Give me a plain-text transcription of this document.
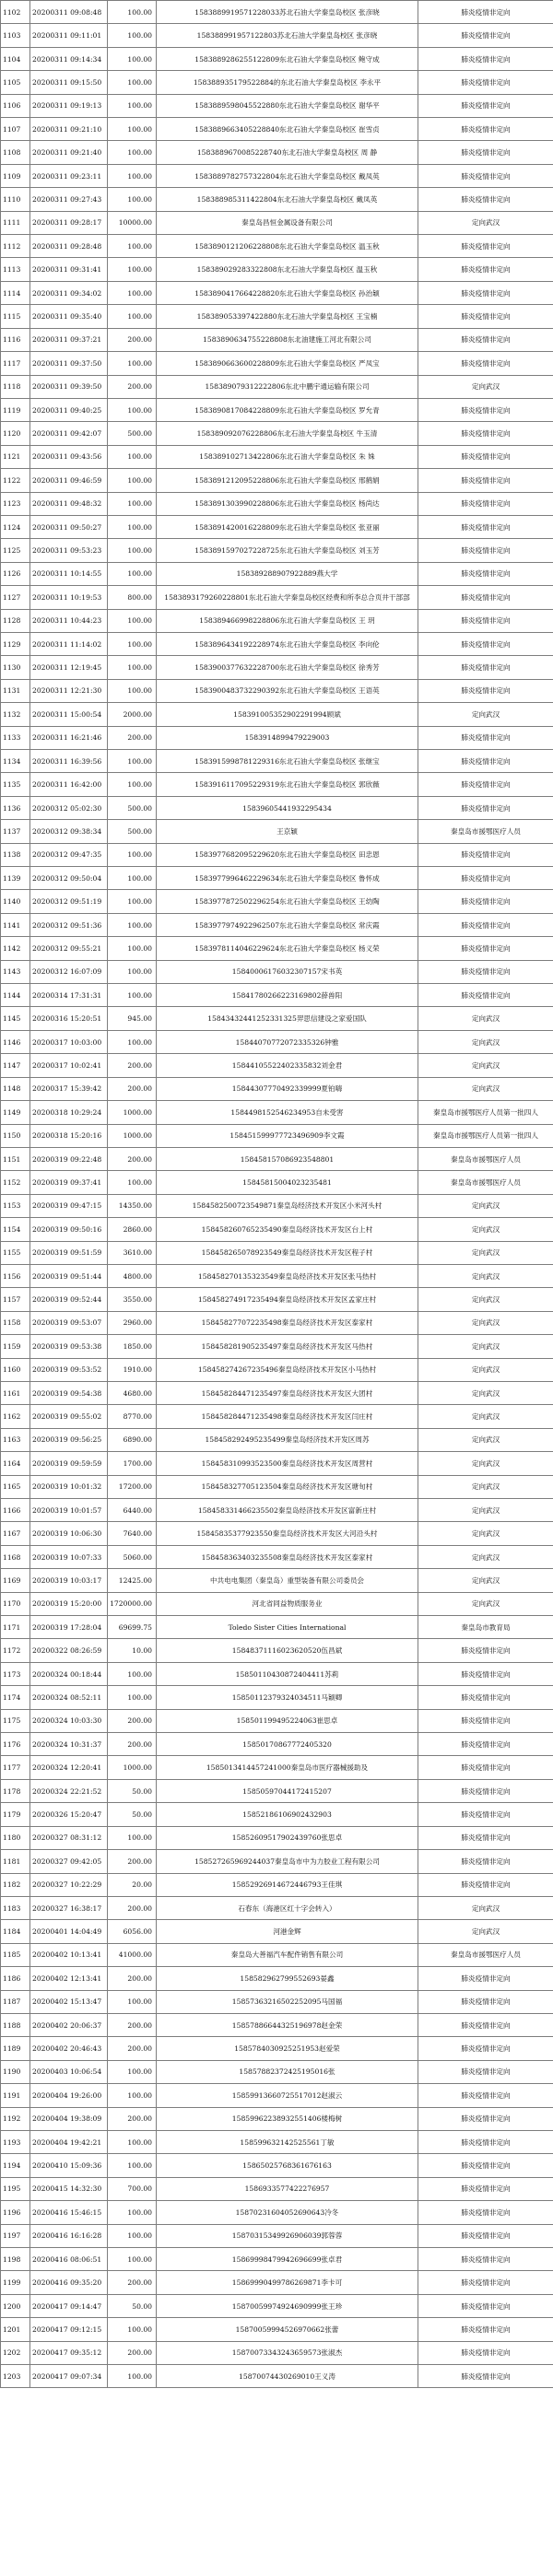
1102	20200311 09:08:48	100.00	1583889919571228033苏北石油大学秦皇岛校区 张彦晓	肺炎疫情非定向
1103	20200311 09:11:01	100.00	158388991957122803苏北石油大学秦皇岛校区 张彦晓	肺炎疫情非定向
1104	20200311 09:14:34	100.00	1583889286255122809东北石油大学秦皇岛校区 鲍守成	肺炎疫情非定向
1105	20200311 09:15:50	100.00	158388935179522884的东北石油大学秦皇岛校区 李永平	肺炎疫情非定向
1106	20200311 09:19:13	100.00	1583889598045522880东北石油大学秦皇岛校区 谢华平	肺炎疫情非定向
1107	20200311 09:21:10	100.00	1583889663405228840东北石油大学秦皇岛校区 崔雪贞	肺炎疫情非定向
1108	20200311 09:21:40	100.00	1583889670085228740东北石油大学秦皇岛校区 周 静	肺炎疫情非定向
1109	20200311 09:23:11	100.00	1583889782757322804东北石油大学秦皇岛校区 戴凤英	肺炎疫情非定向
1110	20200311 09:27:43	100.00	158388985311422804东北石油大学秦皇岛校区 戴凤英	肺炎疫情非定向
1111	20200311 09:28:17	10000.00	秦皇岛昌恒金属设备有限公司	定向武汉
1112	20200311 09:28:48	100.00	1583890121206228808东北石油大学秦皇岛校区 温玉秋	肺炎疫情非定向
1113	20200311 09:31:41	100.00	158389029283322808东北石油大学秦皇岛校区 温玉秋	肺炎疫情非定向
1114	20200311 09:34:02	100.00	1583890417664228820东北石油大学秦皇岛校区 孙治颖	肺炎疫情非定向
1115	20200311 09:35:40	100.00	158389053397422880东北石油大学秦皇岛校区 王宝楠	肺炎疫情非定向
1116	20200311 09:37:21	200.00	1583890634755228808东北油建施工河北有限公司	肺炎疫情非定向
1117	20200311 09:37:50	100.00	1583890663600228809东北石油大学秦皇岛校区 严凤宝	肺炎疫情非定向
1118	20200311 09:39:50	200.00	158389079312222806东北中鹏宇通运输有限公司	定向武汉
1119	20200311 09:40:25	100.00	1583890817084228809东北石油大学秦皇岛校区 罗允青	肺炎疫情非定向
1120	20200311 09:42:07	500.00	158389092076228806东北石油大学秦皇岛校区 牛玉清	肺炎疫情非定向
1121	20200311 09:43:56	100.00	158389102713422806东北石油大学秦皇岛校区 朱 姝	肺炎疫情非定向
1122	20200311 09:46:59	100.00	1583891212095228806东北石油大学秦皇岛校区 邢鹤娟	肺炎疫情非定向
1123	20200311 09:48:32	100.00	1583891303990228806东北石油大学秦皇岛校区 杨尚达	肺炎疫情非定向
1124	20200311 09:50:27	100.00	1583891420016228809东北石油大学秦皇岛校区 张亚丽	肺炎疫情非定向
1125	20200311 09:53:23	100.00	1583891597027228725东北石油大学秦皇岛校区 刘玉芳	肺炎疫情非定向
1126	20200311 10:14:55	100.00	158389288907922889燕大学	肺炎疫情非定向
1127	20200311 10:19:53	800.00	1583893179260228801东北石油大学秦皇岛校区经费和所李总合页井干部部	肺炎疫情非定向
1128	20200311 10:44:23	100.00	158389466998228806东北石油大学秦皇岛校区 王 玥	肺炎疫情非定向
1129	20200311 11:14:02	100.00	1583896434192228974东北石油大学秦皇岛校区 李向伦	肺炎疫情非定向
1130	20200311 12:19:45	100.00	1583900377632228700东北石油大学秦皇岛校区 徐秀芳	肺炎疫情非定向
1131	20200311 12:21:30	100.00	1583900483732290392东北石油大学秦皇岛校区 王语英	肺炎疫情非定向
1132	20200311 15:00:54	2000.00	158391005352902291994顾斌	定向武汉
1133	20200311 16:21:46	200.00	1583914899479229003	肺炎疫情非定向
1134	20200311 16:39:56	100.00	1583915998781229316东北石油大学秦皇岛校区 张继宝	肺炎疫情非定向
1135	20200311 16:42:00	100.00	1583916117095229319东北石油大学秦皇岛校区 郭欣薇	肺炎疫情非定向
1136	20200312 05:02:30	500.00	15839605441932295434	肺炎疫情非定向
1137	20200312 09:38:34	500.00	王京颖	秦皇岛市援鄂医疗人员
1138	20200312 09:47:35	100.00	1583977682095229620东北石油大学秦皇岛校区 田忠恩	肺炎疫情非定向
1139	20200312 09:50:04	100.00	1583977996462229634东北石油大学秦皇岛校区 鲁怀成	肺炎疫情非定向
1140	20200312 09:51:19	100.00	1583977872502296254东北石油大学秦皇岛校区 王幼陶	肺炎疫情非定向
1141	20200312 09:51:36	100.00	1583977974922962507东北石油大学秦皇岛校区 常庆霞	肺炎疫情非定向
1142	20200312 09:55:21	100.00	1583978114046229624东北石油大学秦皇岛校区 杨义荣	肺炎疫情非定向
1143	20200312 16:07:09	100.00	15840006176032307157宋书英	肺炎疫情非定向
1144	20200314 17:31:31	100.00	15841780266223169802薛兽阳	肺炎疫情非定向
1145	20200316 15:20:51	945.00	15843432441252331325羿思信建设之家爱国队	定向武汉
1146	20200317 10:03:00	100.00	15844070772072335326钟雅	定向武汉
1147	20200317 10:02:41	200.00	15844105522402335832刘金君	定向武汉
1148	20200317 15:39:42	200.00	15844307770492339999夏铂嗨	定向武汉
1149	20200318 10:29:24	1000.00	1584498152546234953自未受害	秦皇岛市援鄂医疗人员第一批四人
1150	20200318 15:20:16	1000.00	158451599977723496909李文霞	秦皇岛市援鄂医疗人员第一批四人
1151	20200319 09:22:48	200.00	158458157086923548801	秦皇岛市援鄂医疗人员
1152	20200319 09:37:41	100.00	15845815004023235481	秦皇岛市援鄂医疗人员
1153	20200319 09:47:15	14350.00	1584582500723549871秦皇岛经济技术开发区小米河头村	定向武汉
1154	20200319 09:50:16	2860.00	158458260765235490秦皇岛经济技术开发区台上村	定向武汉
1155	20200319 09:51:59	3610.00	158458265078923549秦皇岛经济技术开发区程子村	定向武汉
1156	20200319 09:51:44	4800.00	158458270135323549秦皇岛经济技术开发区张马热村	定向武汉
1157	20200319 09:52:44	3550.00	158458274917235494秦皇岛经济技术开发区孟家庄村	定向武汉
1158	20200319 09:53:07	2960.00	158458277072235498秦皇岛经济技术开发区泰家村	定向武汉
1159	20200319 09:53:38	1850.00	158458281905235497秦皇岛经济技术开发区马热村	定向武汉
1160	20200319 09:53:52	1910.00	158458274267235496秦皇岛经济技术开发区小马热村	定向武汉
1161	20200319 09:54:38	4680.00	158458284471235497秦皇岛经济技术开发区大团村	定向武汉
1162	20200319 09:55:02	8770.00	158458284471235498秦皇岛经济技术开发区闫庄村	定向武汉
1163	20200319 09:56:25	6890.00	158458292495235499秦皇岛经济技术开发区周苏	定向武汉
1164	20200319 09:59:59	1700.00	158458310993523500秦皇岛经济技术开发区周营村	定向武汉
1165	20200319 10:01:32	17200.00	158458327705123504秦皇岛经济技术开发区塘旬村	定向武汉
1166	20200319 10:01:57	6440.00	158458331466235502秦皇岛经济技术开发区富新庄村	定向武汉
1167	20200319 10:06:30	7640.00	15845835377923550秦皇岛经济技术开发区大河沿头村	定向武汉
1168	20200319 10:07:33	5060.00	158458363403235508秦皇岛经济技术开发区泰家村	定向武汉
1169	20200319 10:03:17	12425.00	中共电电集团（秦皇岛）重型装备有限公司委员会	定向武汉
1170	20200319 15:20:00	1720000.00	河北省同益物质服务业	定向武汉
1171	20200319 17:28:04	69699.75	Toledo Sister Cities International	秦皇岛市教育局
1172	20200322 08:26:59	10.00	15848371116023620520伍昌斌	肺炎疫情非定向
1173	20200324 00:18:44	100.00	15850110430872404411苏莉	肺炎疫情非定向
1174	20200324 08:52:11	100.00	15850112379324034511马颖卿	肺炎疫情非定向
1175	20200324 10:03:30	200.00	158501199495224063崔思卓	肺炎疫情非定向
1176	20200324 10:31:37	200.00	15850170867772405320	肺炎疫情非定向
1177	20200324 12:20:41	1000.00	1585013414457241000秦皇岛市医疗器械援助及	肺炎疫情非定向
1178	20200324 22:21:52	50.00	15850597044172415207	肺炎疫情非定向
1179	20200326 15:20:47	50.00	15852186106902432903	肺炎疫情非定向
1180	20200327 08:31:12	100.00	15852609517902439760张思卓	肺炎疫情非定向
1181	20200327 09:42:05	200.00	158527265969244037秦皇岛市中为力胶业工程有限公司	肺炎疫情非定向
1182	20200327 10:22:29	20.00	15852926914672446793王佳琪	肺炎疫情非定向
1183	20200327 16:38:17	200.00	石春东（海港区红十字会转入）	定向武汉
1184	20200401 14:04:49	6056.00	河港金辉	定向武汉
1185	20200402 10:13:41	41000.00	秦皇岛大善福汽车配件销售有限公司	秦皇岛市援鄂医疗人员
1186	20200402 12:13:41	200.00	158582962799552693晏鑫	肺炎疫情非定向
1187	20200402 15:13:47	100.00	15857363216502252095马国福	肺炎疫情非定向
1188	20200402 20:06:37	200.00	15857886644325196978赵金荣	肺炎疫情非定向
1189	20200402 20:46:43	200.00	1585784030925251953赵爱荣	肺炎疫情非定向
1190	20200403 10:06:54	100.00	15857882372425195016张	肺炎疫情非定向
1191	20200404 19:26:00	100.00	15859913660725517012赵淑云	肺炎疫情非定向
1192	20200404 19:38:09	200.00	15859962238932551406楼梅树	肺炎疫情非定向
1193	20200404 19:42:21	100.00	158599632142525561丁敏	肺炎疫情非定向
1194	20200410 15:09:36	100.00	15865025768361676163	肺炎疫情非定向
1195	20200415 14:32:30	700.00	1586933577422276957	肺炎疫情非定向
1196	20200416 15:46:15	100.00	15870231604052690643冷冬	肺炎疫情非定向
1197	20200416 16:16:28	100.00	15870315349926906039郭蓉蓉	肺炎疫情非定向
1198	20200416 08:06:51	100.00	15869998479942696699张卓君	肺炎疫情非定向
1199	20200416 09:35:20	200.00	15869990499786269871李卡可	肺炎疫情非定向
1200	20200417 09:14:47	50.00	15870059974924690999张王珍	肺炎疫情非定向
1201	20200417 09:12:15	100.00	15870059994526970662张蕾	肺炎疫情非定向
1202	20200417 09:35:12	200.00	15870073343243659573张淑杰	肺炎疫情非定向
1203	20200417 09:07:34	100.00	15870074430269010王义涛	肺炎疫情非定向
